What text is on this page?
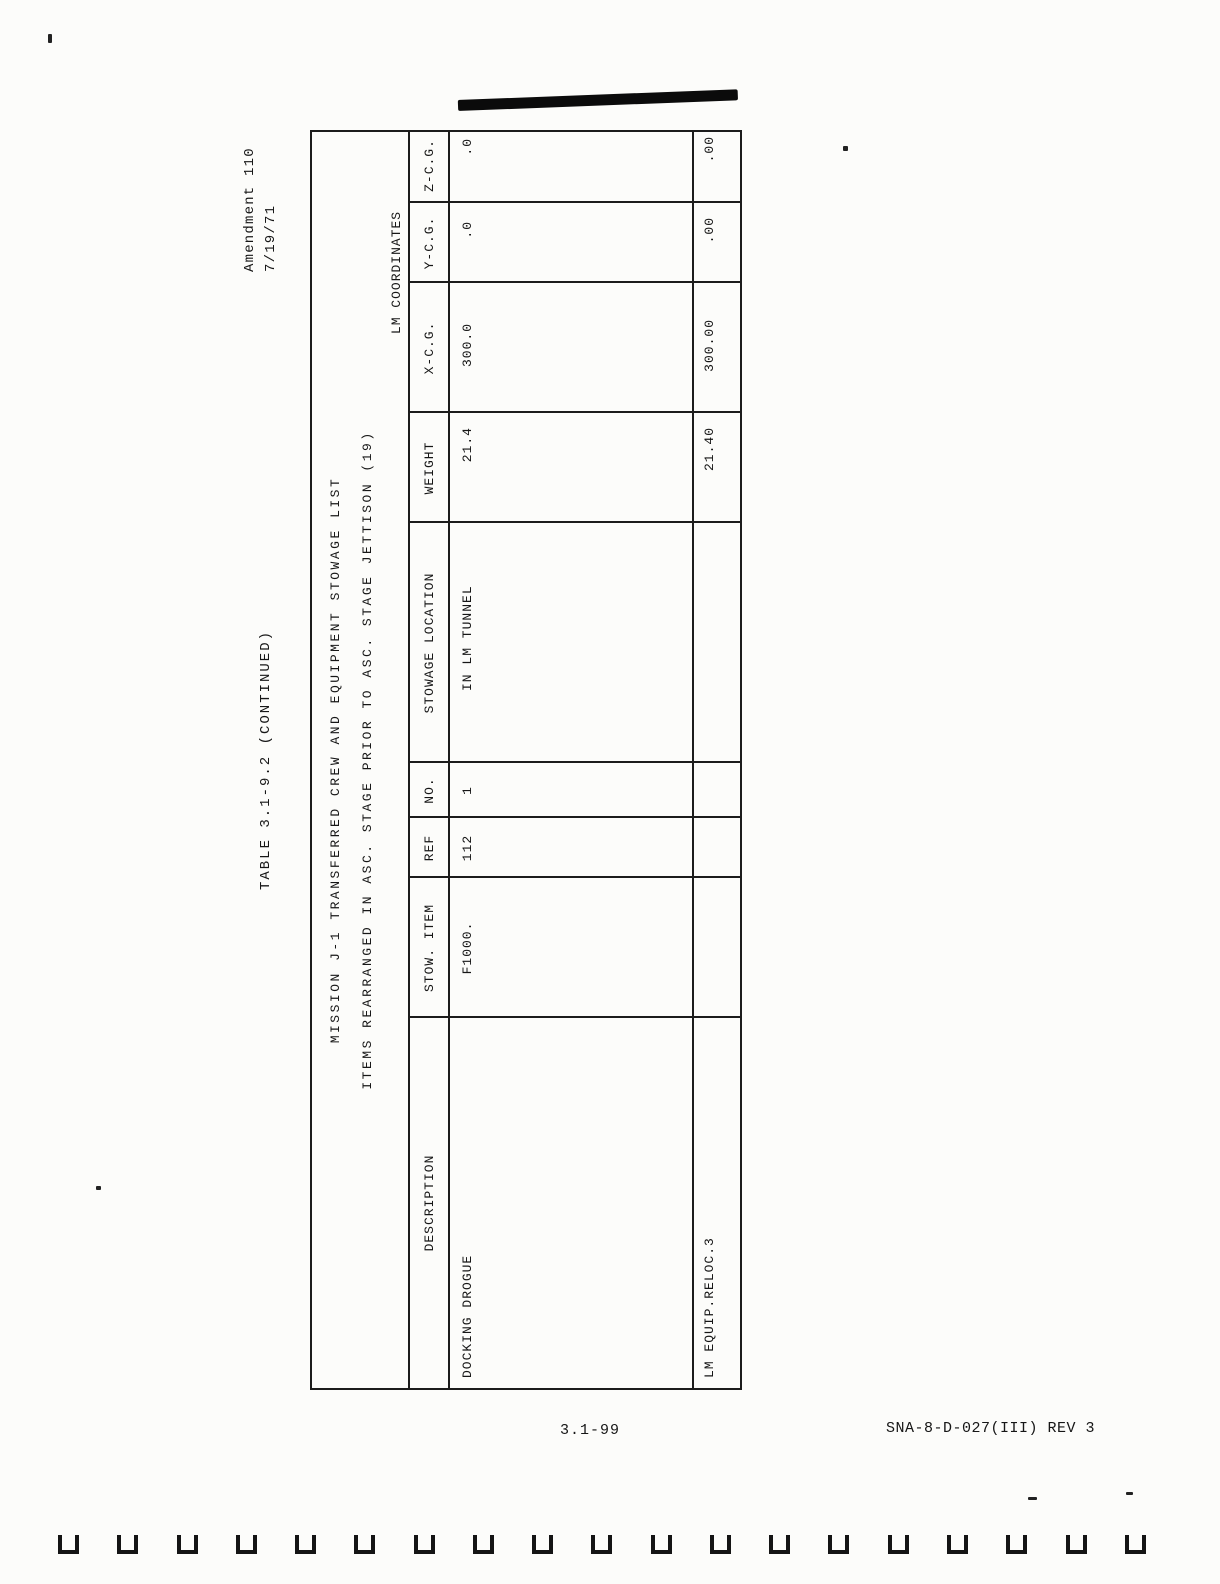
Amendment 110 7/19/71
TABLE 3.1-9.2 (CONTINUED)	MISSION J-1 TRANSFERRED CREW AND EQUIPMENT STOWAGE LIST ITEMS REARRANGED IN ASC. STAGE PRIOR TO ASC. STAGE JETTISON (19)
LM COORDINATES
DESCRIPTION
STOW. ITEM
REF
NO.
STOWAGE LOCATION
WEIGHT
X-C.G.
Y-C.G.
Z-C.G.
DOCKING DROGUE
F1000.
112
1
IN LM TUNNEL
21.4
300.0
.0
.0
LM EQUIP.RELOC.3
21.40
300.00
.00
.00
3.1-99	SNA-8-D-027(III) REV 3
